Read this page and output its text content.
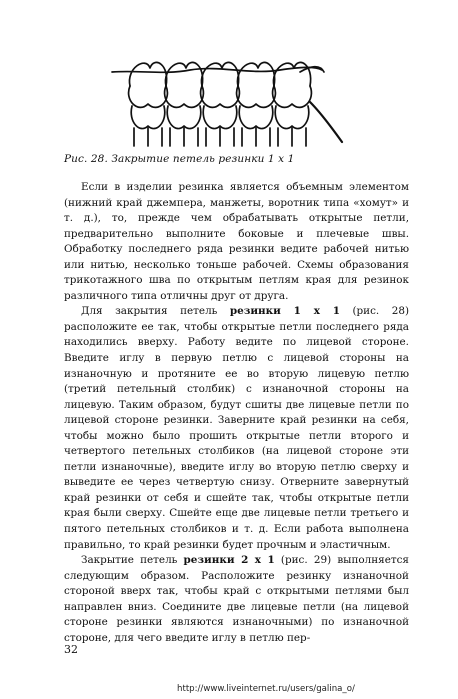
Рис. 28. Закрытие петель резинки 1 х 1

Если в изделии резинка является объемным элементом (нижний край джемпера, манжеты, воротник типа «хомут» и т. д.), то, прежде чем обрабатывать открытые петли, предварительно выполните боковые и плечевые швы. Обработку последнего ряда резинки ведите рабочей нитью или нитью, несколько тоньше рабочей. Схемы образования трикотажного шва по открытым петлям края для резинок различного типа отличны друг от друга.

Для закрытия петель резинки 1 х 1 (рис. 28) расположите ее так, чтобы открытые петли последнего ряда находились вверху. Работу ведите по лицевой стороне. Введите иглу в первую петлю с лицевой стороны на изнаночную и протяните ее во вторую лицевую петлю (третий петельный столбик) с изнаночной стороны на лицевую. Таким образом, будут сшиты две лицевые петли по лицевой стороне резинки. Заверните край резинки на себя, чтобы можно было прошить открытые петли второго и четвертого петельных столбиков (на лицевой стороне эти петли изнаночные), введите иглу во вторую петлю сверху и выведите ее через четвертую снизу. Отверните завернутый край резинки от себя и сшейте так, чтобы открытые петли края были сверху. Сшейте еще две лицевые петли третьего и пятого петельных столбиков и т. д. Если работа выполнена правильно, то край резинки будет прочным и эластичным.

Закрытие петель резинки 2 х 1 (рис. 29) выполняется следующим образом. Расположите резинку изнаночной стороной вверх так, чтобы край с открытыми петлями был направлен вниз. Соедините две лицевые петли (на лицевой стороне резинки являются изнаночными) по изнаночной стороне, для чего введите иглу в петлю пер-

32
http://www.liveinternet.ru/users/galina_o/
